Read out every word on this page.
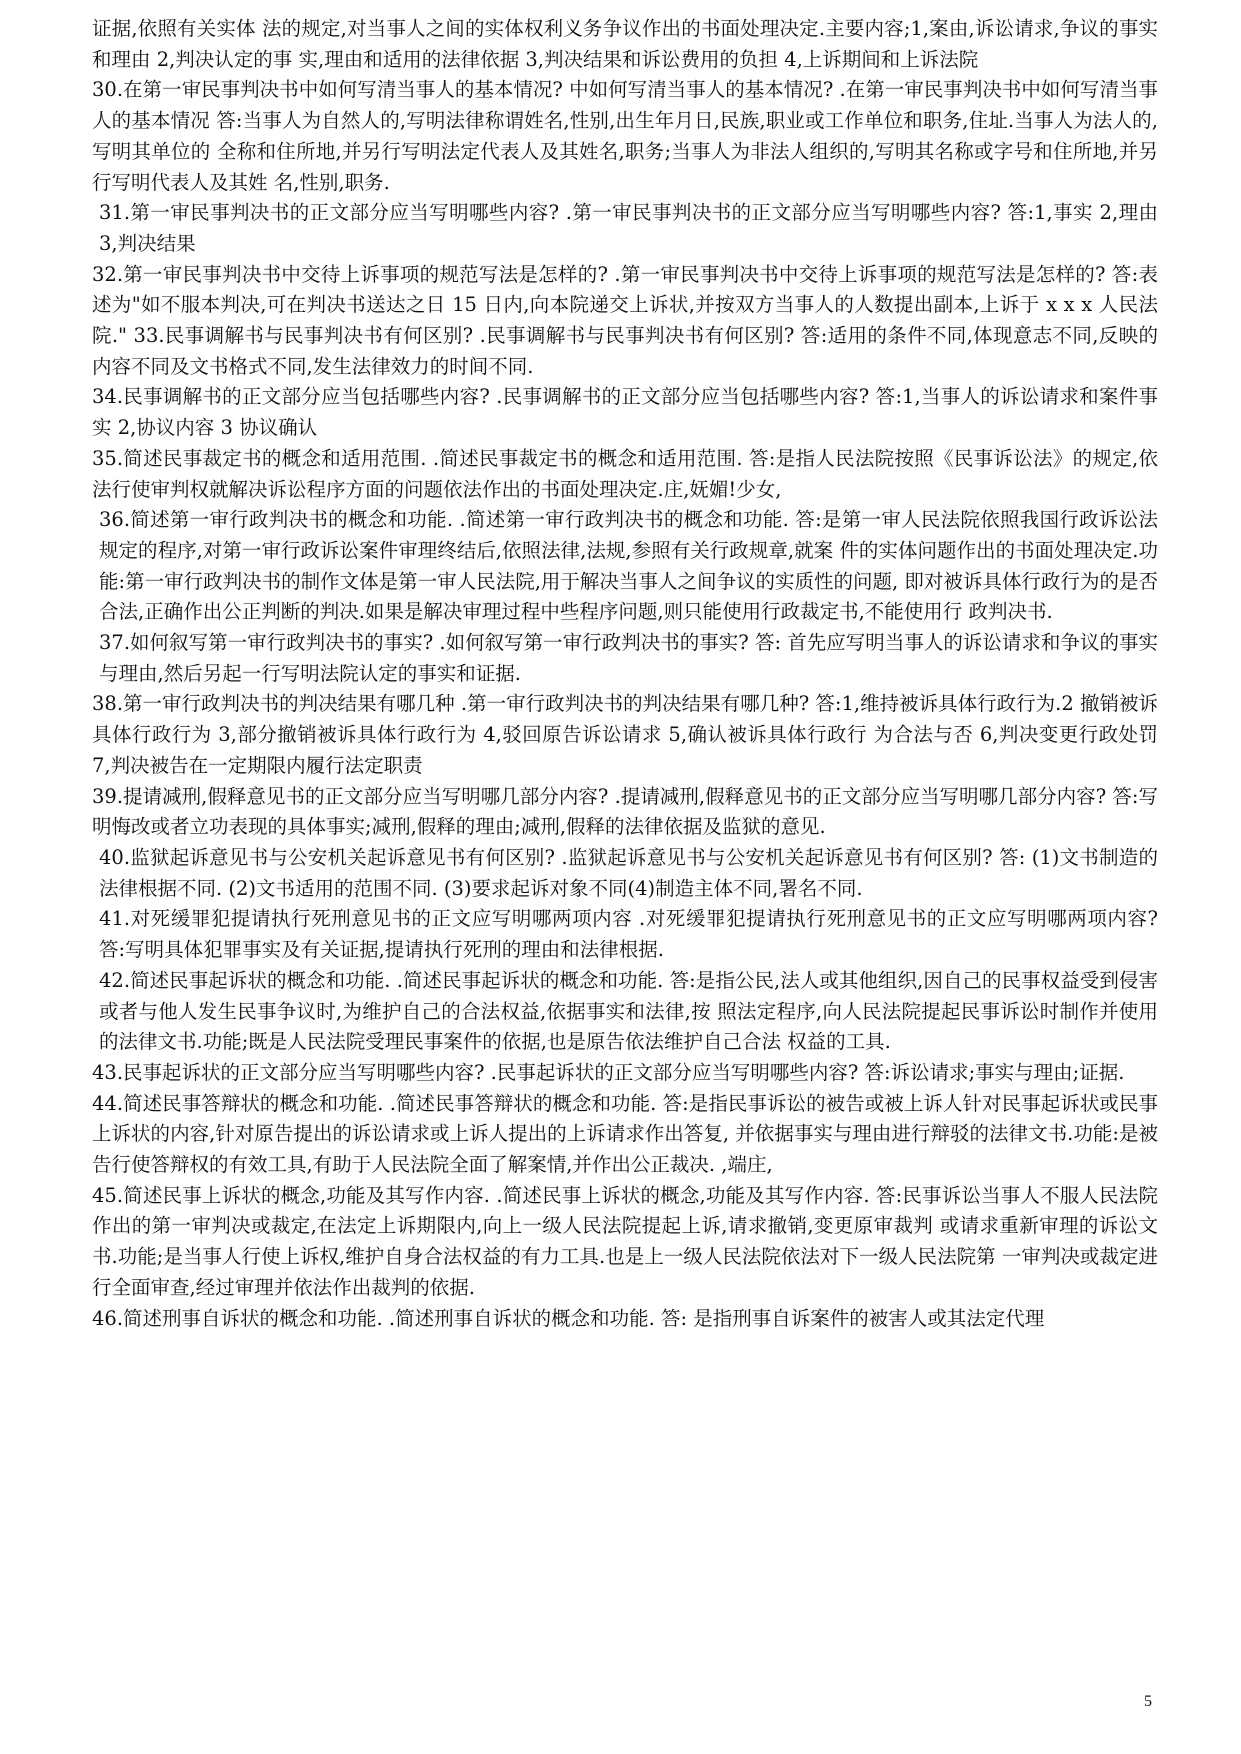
证据,依照有关实体 法的规定,对当事人之间的实体权利义务争议作出的书面处理决定.主要内容;1,案由,诉讼请求,争议的事实和理由 2,判决认定的事 实,理由和适用的法律依据 3,判决结果和诉讼费用的负担 4,上诉期间和上诉法院

30.在第一审民事判决书中如何写清当事人的基本情况? 中如何写清当事人的基本情况? .在第一审民事判决书中如何写清当事人的基本情况 答:当事人为自然人的,写明法律称谓姓名,性别,出生年月日,民族,职业或工作单位和职务,住址.当事人为法人的,写明其单位的 全称和住所地,并另行写明法定代表人及其姓名,职务;当事人为非法人组织的,写明其名称或字号和住所地,并另行写明代表人及其姓 名,性别,职务.

31.第一审民事判决书的正文部分应当写明哪些内容? .第一审民事判决书的正文部分应当写明哪些内容? 答:1,事实 2,理由 3,判决结果

32.第一审民事判决书中交待上诉事项的规范写法是怎样的? .第一审民事判决书中交待上诉事项的规范写法是怎样的? 答:表述为"如不服本判决,可在判决书送达之日 15 日内,向本院递交上诉状,并按双方当事人的人数提出副本,上诉于 x x x 人民法院." 33.民事调解书与民事判决书有何区别? .民事调解书与民事判决书有何区别? 答:适用的条件不同,体现意志不同,反映的内容不同及文书格式不同,发生法律效力的时间不同.

34.民事调解书的正文部分应当包括哪些内容? .民事调解书的正文部分应当包括哪些内容? 答:1,当事人的诉讼请求和案件事实 2,协议内容 3 协议确认

35.简述民事裁定书的概念和适用范围. .简述民事裁定书的概念和适用范围. 答:是指人民法院按照《民事诉讼法》的规定,依法行使审判权就解决诉讼程序方面的问题依法作出的书面处理决定.庄,妩媚!少女,

36.简述第一审行政判决书的概念和功能. .简述第一审行政判决书的概念和功能. 答:是第一审人民法院依照我国行政诉讼法规定的程序,对第一审行政诉讼案件审理终结后,依照法律,法规,参照有关行政规章,就案 件的实体问题作出的书面处理决定.功能:第一审行政判决书的制作文体是第一审人民法院,用于解决当事人之间争议的实质性的问题, 即对被诉具体行政行为的是否合法,正确作出公正判断的判决.如果是解决审理过程中些程序问题,则只能使用行政裁定书,不能使用行 政判决书.

37.如何叙写第一审行政判决书的事实? .如何叙写第一审行政判决书的事实? 答: 首先应写明当事人的诉讼请求和争议的事实与理由,然后另起一行写明法院认定的事实和证据.

38.第一审行政判决书的判决结果有哪几种 .第一审行政判决书的判决结果有哪几种? 答:1,维持被诉具体行政行为.2 撤销被诉具体行政行为 3,部分撤销被诉具体行政行为 4,驳回原告诉讼请求 5,确认被诉具体行政行 为合法与否 6,判决变更行政处罚 7,判决被告在一定期限内履行法定职责

39.提请减刑,假释意见书的正文部分应当写明哪几部分内容? .提请减刑,假释意见书的正文部分应当写明哪几部分内容? 答:写明悔改或者立功表现的具体事实;减刑,假释的理由;减刑,假释的法律依据及监狱的意见.

40.监狱起诉意见书与公安机关起诉意见书有何区别? .监狱起诉意见书与公安机关起诉意见书有何区别? 答: (1)文书制造的法律根据不同. (2)文书适用的范围不同. (3)要求起诉对象不同(4)制造主体不同,署名不同.

41.对死缓罪犯提请执行死刑意见书的正文应写明哪两项内容 .对死缓罪犯提请执行死刑意见书的正文应写明哪两项内容? 答:写明具体犯罪事实及有关证据,提请执行死刑的理由和法律根据.

42.简述民事起诉状的概念和功能. .简述民事起诉状的概念和功能. 答:是指公民,法人或其他组织,因自己的民事权益受到侵害或者与他人发生民事争议时,为维护自己的合法权益,依据事实和法律,按 照法定程序,向人民法院提起民事诉讼时制作并使用的法律文书.功能;既是人民法院受理民事案件的依据,也是原告依法维护自己合法 权益的工具.

43.民事起诉状的正文部分应当写明哪些内容? .民事起诉状的正文部分应当写明哪些内容? 答:诉讼请求;事实与理由;证据.

44.简述民事答辩状的概念和功能. .简述民事答辩状的概念和功能. 答:是指民事诉讼的被告或被上诉人针对民事起诉状或民事上诉状的内容,针对原告提出的诉讼请求或上诉人提出的上诉请求作出答复, 并依据事实与理由进行辩驳的法律文书.功能:是被告行使答辩权的有效工具,有助于人民法院全面了解案情,并作出公正裁决. ,端庄,

45.简述民事上诉状的概念,功能及其写作内容. .简述民事上诉状的概念,功能及其写作内容. 答:民事诉讼当事人不服人民法院作出的第一审判决或裁定,在法定上诉期限内,向上一级人民法院提起上诉,请求撤销,变更原审裁判 或请求重新审理的诉讼文书.功能;是当事人行使上诉权,维护自身合法权益的有力工具.也是上一级人民法院依法对下一级人民法院第 一审判决或裁定进行全面审查,经过审理并依法作出裁判的依据.

46.简述刑事自诉状的概念和功能. .简述刑事自诉状的概念和功能. 答: 是指刑事自诉案件的被害人或其法定代理

5
